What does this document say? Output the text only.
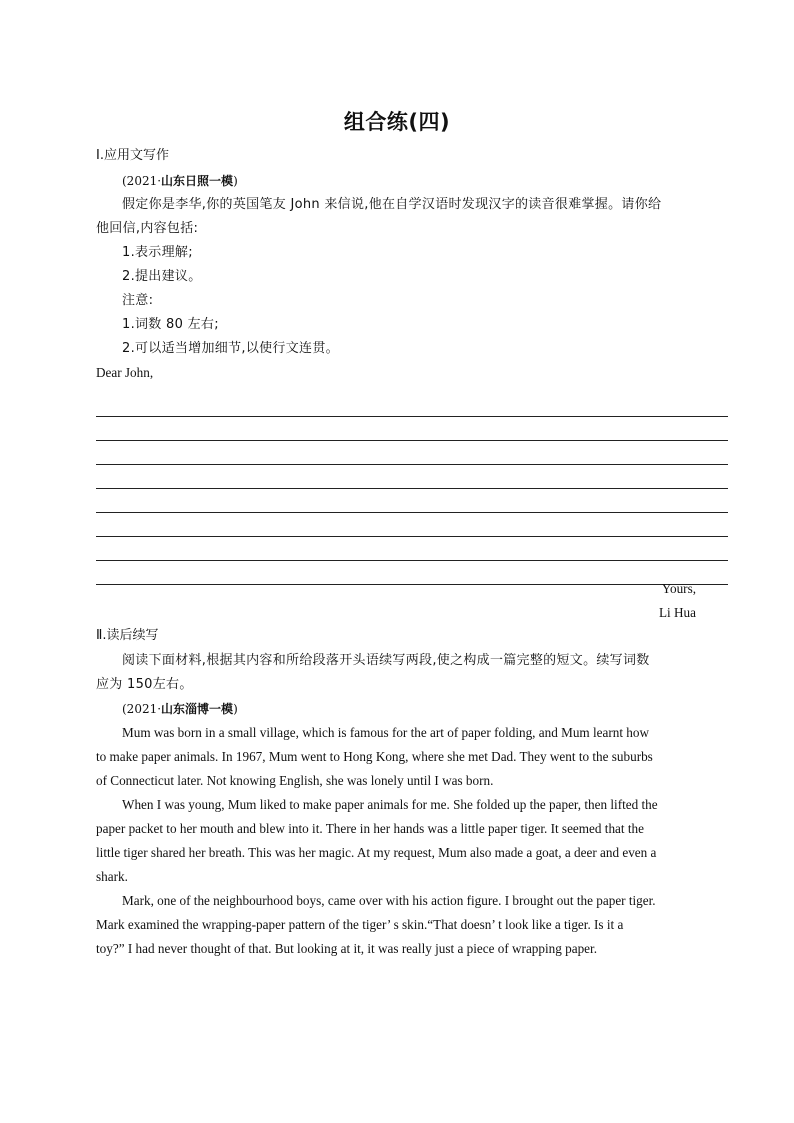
组合练(四)
Ⅰ.应用文写作
(2021·山东日照一模)
假定你是李华,你的英国笔友 John 来信说,他在自学汉语时发现汉字的读音很难掌握。请你给
他回信,内容包括:
1.表示理解;
2.提出建议。
注意:
1.词数 80 左右;
2.可以适当增加细节,以使行文连贯。
Dear John,
Yours,
Li Hua
Ⅱ.读后续写
阅读下面材料,根据其内容和所给段落开头语续写两段,使之构成一篇完整的短文。续写词数
应为 150左右。
(2021·山东淄博一模)
Mum was born in a small village, which is famous for the art of paper folding, and Mum learnt how
to make paper animals. In 1967, Mum went to Hong Kong, where she met Dad. They went to the suburbs
of Connecticut later. Not knowing English, she was lonely until I was born.
When I was young, Mum liked to make paper animals for me. She folded up the paper, then lifted the
paper packet to her mouth and blew into it. There in her hands was a little paper tiger. It seemed that the
little tiger shared her breath. This was her magic. At my request, Mum also made a goat, a deer and even a
shark.
Mark, one of the neighbourhood boys, came over with his action figure. I brought out the paper tiger.
Mark examined the wrapping-paper pattern of the tiger’ s skin.“That doesn’ t look like a tiger. Is it a
toy?” I had never thought of that. But looking at it, it was really just a piece of wrapping paper.
